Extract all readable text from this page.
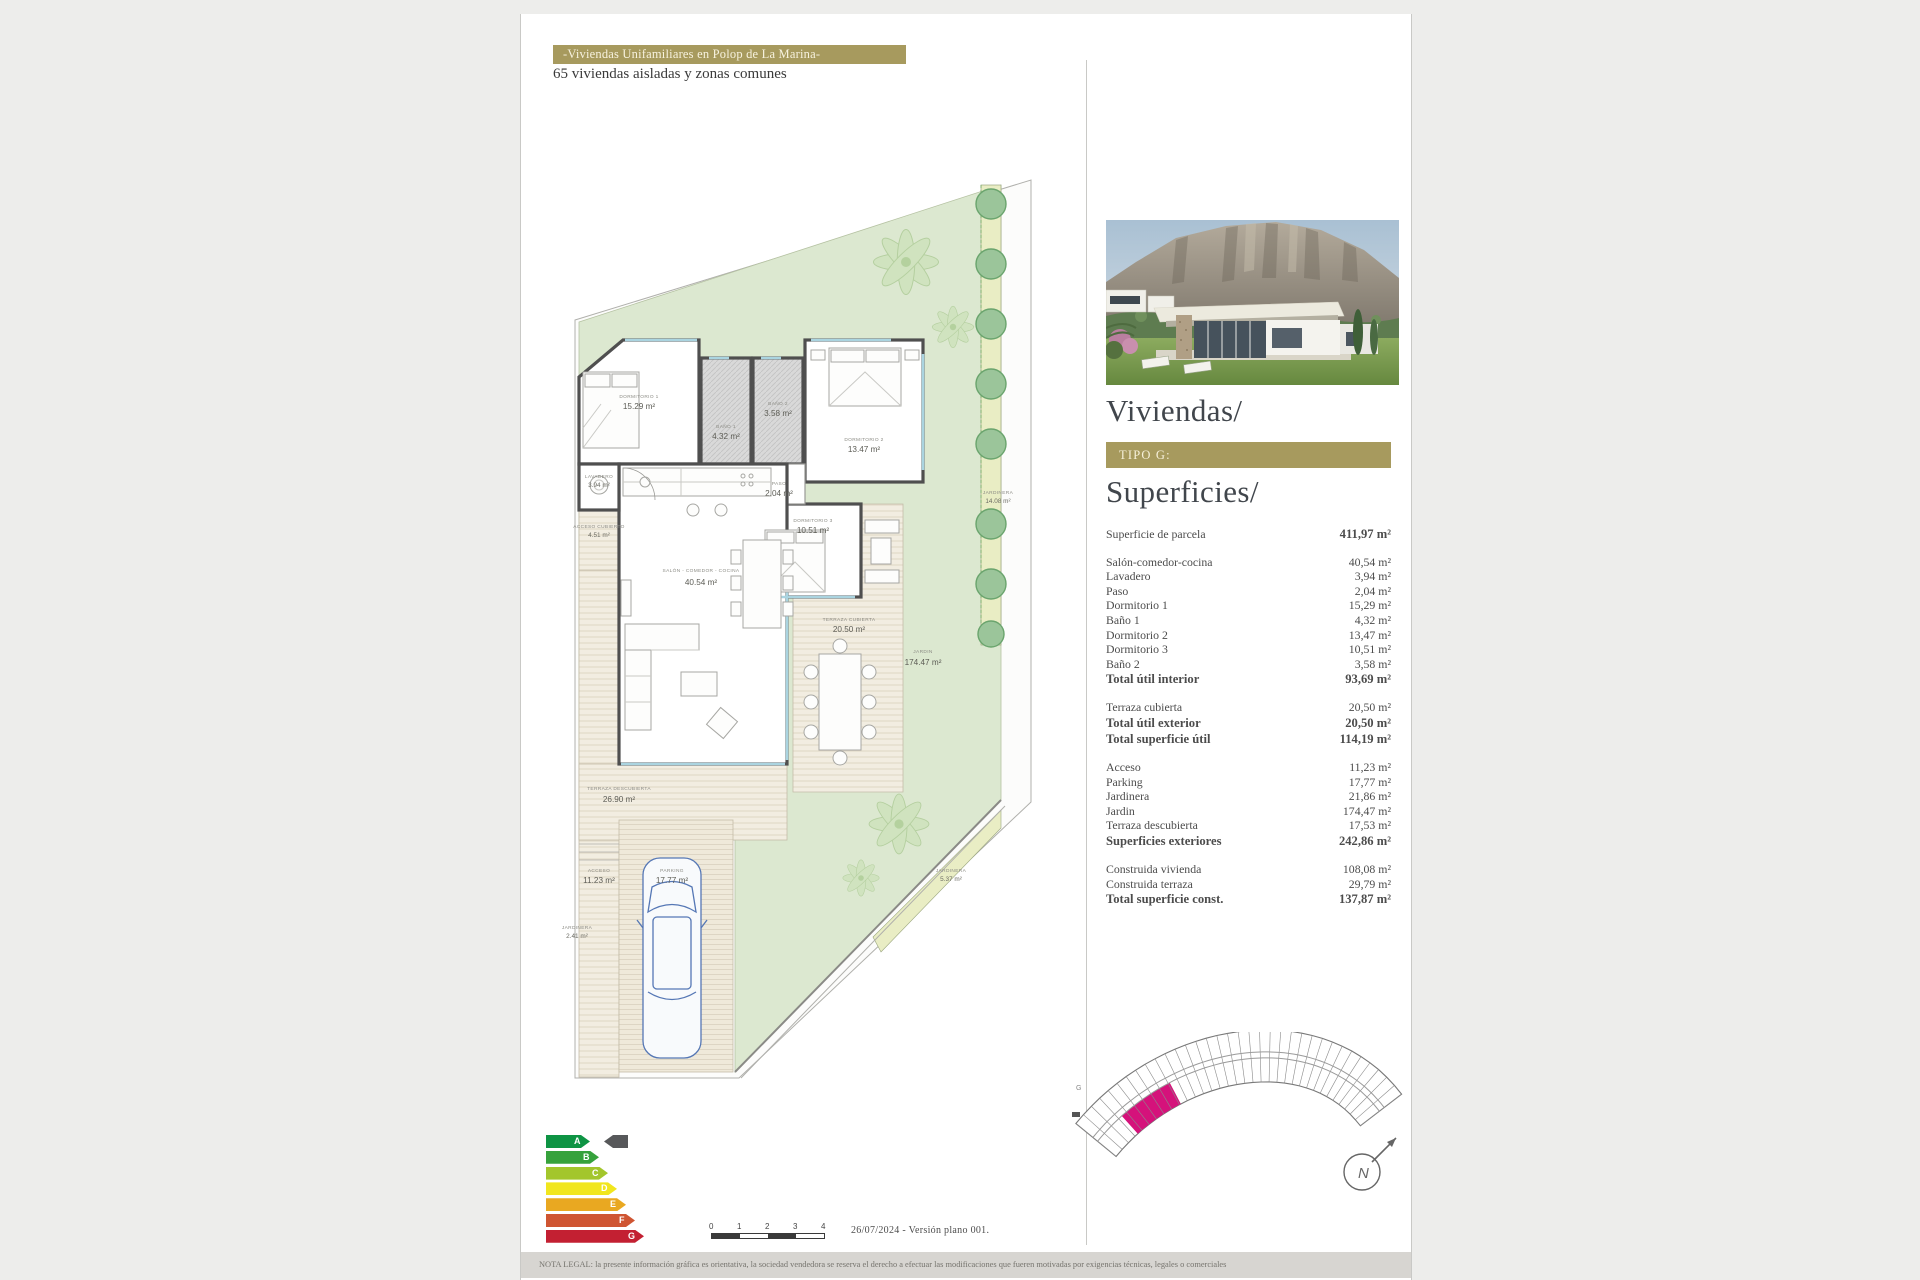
-Viviendas Unifamiliares en Polop de La Marina-
65 viviendas aisladas y zonas comunes
DORMITORIO 1
15.29 m²
BAÑO 1
4.32 m²
BAÑO 2
3.58 m²
DORMITORIO 2
13.47 m²
PASO
2.04 m²
DORMITORIO 3
10.51 m²
LAVADERO
3.94 m²
ACCESO CUBIERTO
4.51 m²
SALÓN - COMEDOR - COCINA
40.54 m²
TERRAZA CUBIERTA
20.50 m²
TERRAZA DESCUBIERTA
26.90 m²
JARDIN
174.47 m²
JARDINERA
14.08 m²
JARDINERA
5.37 m²
JARDINERA
2.41 m²
ACCESO
11.23 m²
PARKING
17.77 m²
Viviendas/
TIPO G:
Superficies/
Superficie de parcela	411,97 m²
Salón-comedor-cocina	40,54 m²
Lavadero	3,94 m²
Paso	2,04 m²
Dormitorio 1	15,29 m²
Baño 1	4,32 m²
Dormitorio 2	13,47 m²
Dormitorio 3	10,51 m²
Baño 2	3,58 m²
Total útil interior	93,69 m²
Terraza cubierta	20,50 m²
Total útil exterior	20,50 m²
Total superficie útil	114,19 m²
Acceso	11,23 m²
Parking	17,77 m²
Jardinera	21,86 m²
Jardin	174,47 m²
Terraza descubierta	17,53 m²
Superficies exteriores	242,86 m²
Construida vivienda	108,08 m²
Construida terraza	29,79 m²
Total superficie const.	137,87 m²
A
B
C
D
E
F
G
0	1	2	3	4	26/07/2024 - Versión plano 001.
G
N
NOTA LEGAL: la presente información gráfica es orientativa, la sociedad vendedora se reserva el derecho a efectuar las modificaciones que fueren motivadas por exigencias técnicas, legales o comerciales
